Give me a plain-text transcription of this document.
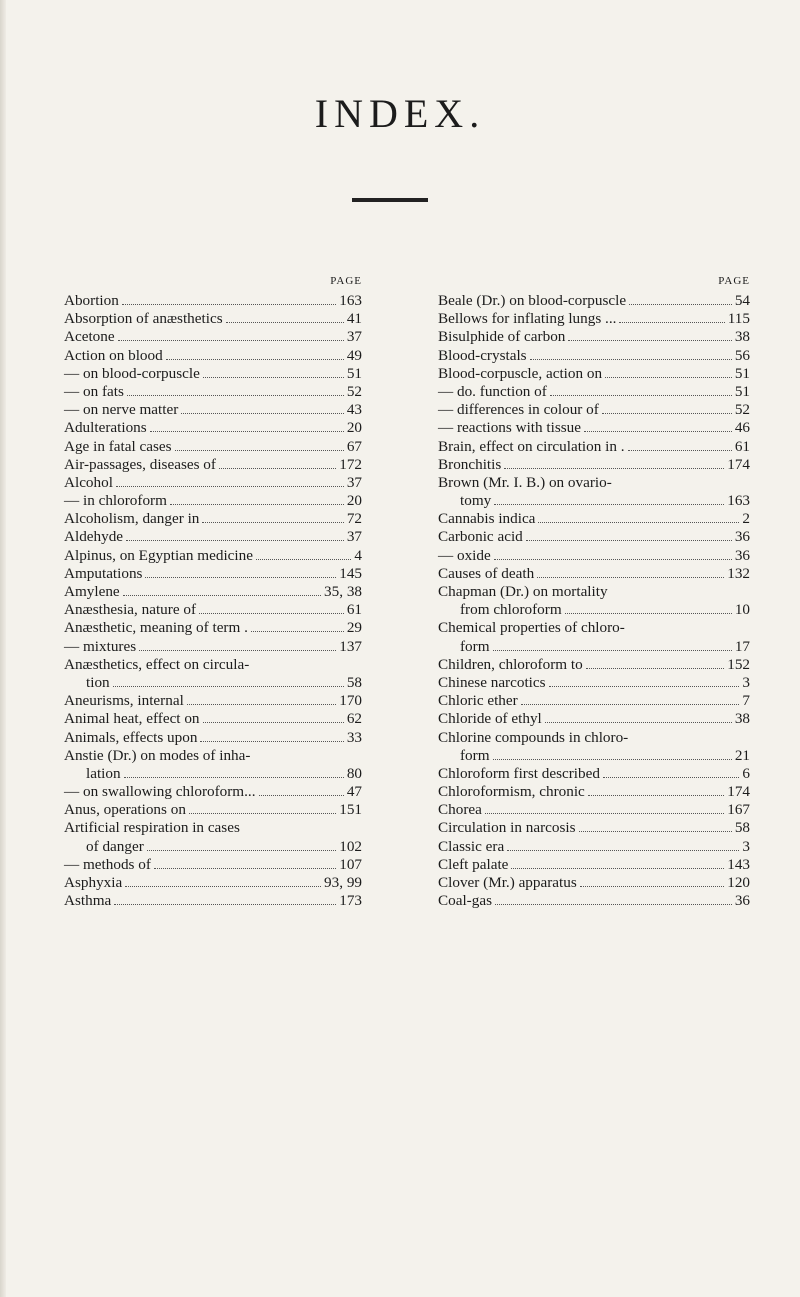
INDEX.
PAGE
Abortion	163
Absorption of anæsthetics	41
Acetone	37
Action on blood	49
— on blood-corpuscle	51
— on fats	52
— on nerve matter	43
Adulterations	20
Age in fatal cases	67
Air-passages, diseases of	172
Alcohol	37
— in chloroform	20
Alcoholism, danger in	72
Aldehyde	37
Alpinus, on Egyptian medicine	4
Amputations	145
Amylene	35, 38
Anæsthesia, nature of	61
Anæsthetic, meaning of term .	29
— mixtures	137
Anæsthetics, effect on circula-
tion	58
Aneurisms, internal	170
Animal heat, effect on	62
Animals, effects upon	33
Anstie (Dr.) on modes of inha-
lation	80
— on swallowing chloroform...	47
Anus, operations on	151
Artificial respiration in cases
of danger	102
— methods of	107
Asphyxia	93, 99
Asthma	173
PAGE
Beale (Dr.) on blood-corpuscle	54
Bellows for inflating lungs ...	115
Bisulphide of carbon	38
Blood-crystals	56
Blood-corpuscle, action on	51
— do. function of	51
— differences in colour of	52
— reactions with tissue	46
Brain, effect on circulation in .	61
Bronchitis	174
Brown (Mr. I. B.) on ovario-
tomy	163
Cannabis indica	2
Carbonic acid	36
— oxide	36
Causes of death	132
Chapman (Dr.) on mortality
from chloroform	10
Chemical properties of chloro-
form	17
Children, chloroform to	152
Chinese narcotics	3
Chloric ether	7
Chloride of ethyl	38
Chlorine compounds in chloro-
form	21
Chloroform first described	6
Chloroformism, chronic	174
Chorea	167
Circulation in narcosis	58
Classic era	3
Cleft palate	143
Clover (Mr.) apparatus	120
Coal-gas	36
